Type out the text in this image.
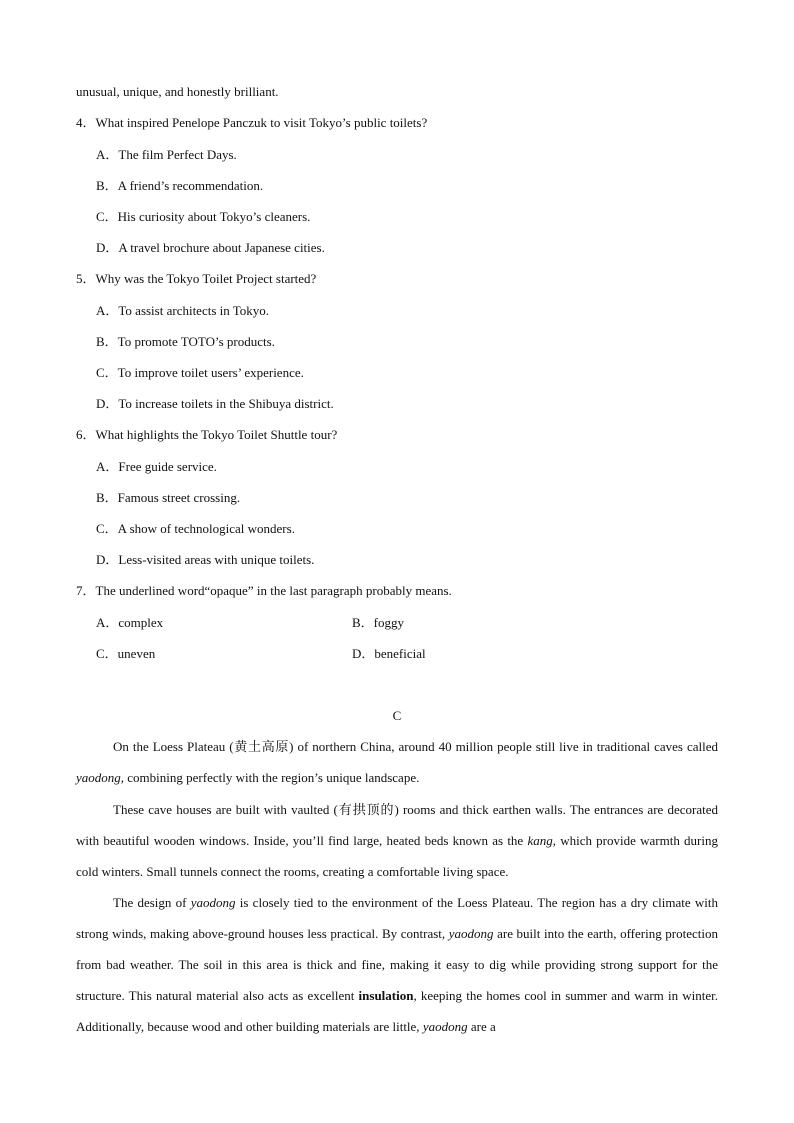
unusual, unique, and honestly brilliant.
4．What inspired Penelope Panczuk to visit Tokyo’s public toilets?
A．The film Perfect Days.
B．A friend’s recommendation.
C．His curiosity about Tokyo’s cleaners.
D．A travel brochure about Japanese cities.
5．Why was the Tokyo Toilet Project started?
A．To assist architects in Tokyo.
B．To promote TOTO’s products.
C．To improve toilet users’ experience.
D．To increase toilets in the Shibuya district.
6．What highlights the Tokyo Toilet Shuttle tour?
A．Free guide service.
B．Famous street crossing.
C．A show of technological wonders.
D．Less-visited areas with unique toilets.
7．The underlined word“opaque” in the last paragraph probably means.
A．complex	B．foggy
C．uneven	D．beneficial
C
On the Loess Plateau (黄土高原) of northern China, around 40 million people still live in traditional caves called yaodong, combining perfectly with the region’s unique landscape.
These cave houses are built with vaulted (有拱顶的) rooms and thick earthen walls. The entrances are decorated with beautiful wooden windows. Inside, you’ll find large, heated beds known as the kang, which provide warmth during cold winters. Small tunnels connect the rooms, creating a comfortable living space.
The design of yaodong is closely tied to the environment of the Loess Plateau. The region has a dry climate with strong winds, making above-ground houses less practical. By contrast, yaodong are built into the earth, offering protection from bad weather. The soil in this area is thick and fine, making it easy to dig while providing strong support for the structure. This natural material also acts as excellent insulation, keeping the homes cool in summer and warm in winter. Additionally, because wood and other building materials are little, yaodong are a
